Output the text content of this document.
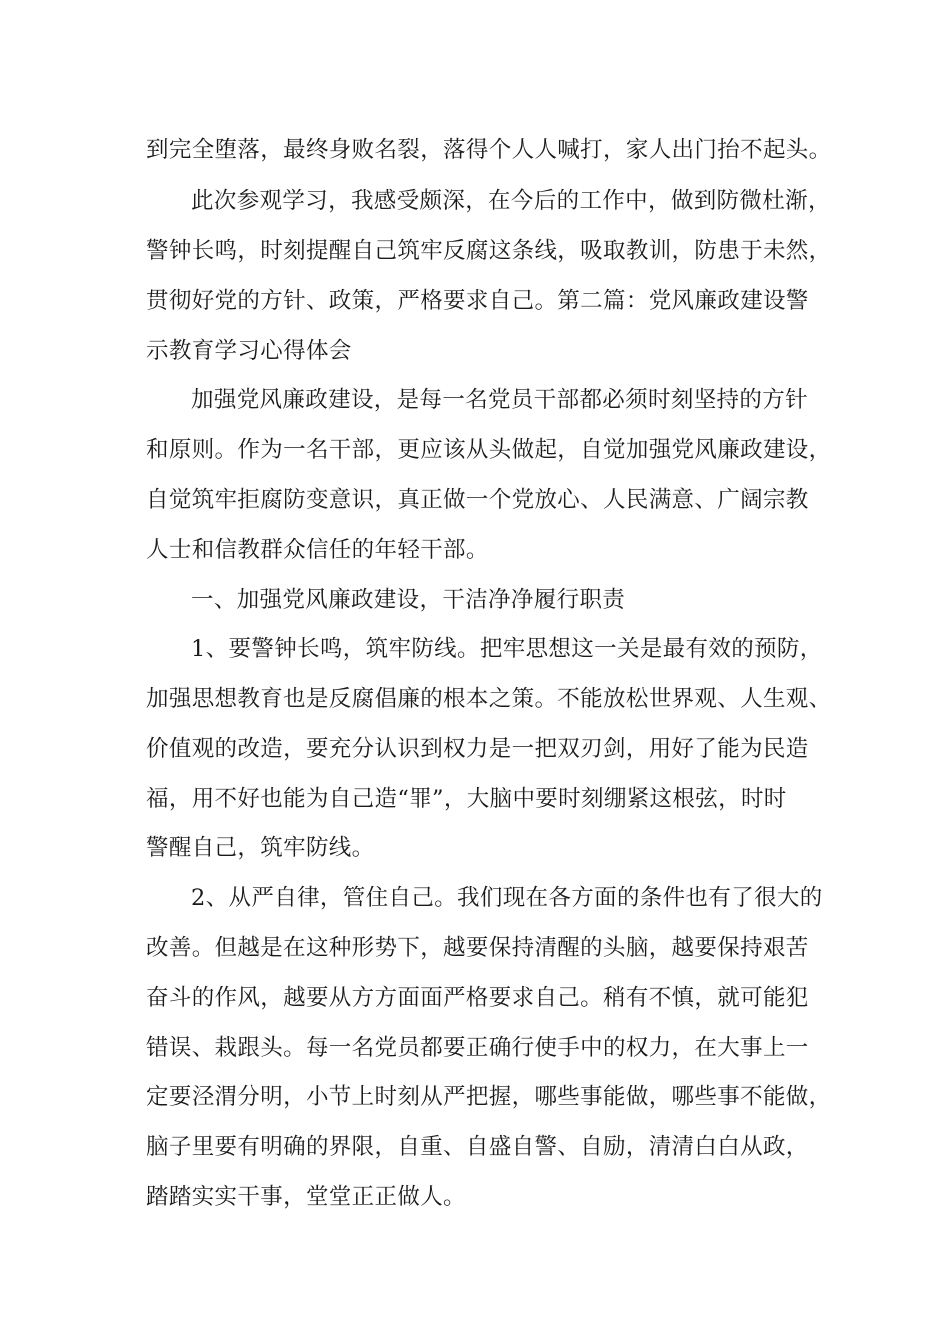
到完全堕落，最终身败名裂，落得个人人喊打，家人出门抬不起头。
此次参观学习，我感受颇深，在今后的工作中，做到防微杜渐，
警钟长鸣，时刻提醒自己筑牢反腐这条线，吸取教训，防患于未然，
贯彻好党的方针、政策，严格要求自己。第二篇：党风廉政建设警
示教育学习心得体会
加强党风廉政建设，是每一名党员干部都必须时刻坚持的方针
和原则。作为一名干部，更应该从头做起，自觉加强党风廉政建设，
自觉筑牢拒腐防变意识，真正做一个党放心、人民满意、广阔宗教
人士和信教群众信任的年轻干部。
一、加强党风廉政建设，干洁净净履行职责
1、要警钟长鸣，筑牢防线。把牢思想这一关是最有效的预防，
加强思想教育也是反腐倡廉的根本之策。不能放松世界观、人生观、
价值观的改造，要充分认识到权力是一把双刃剑，用好了能为民造
福，用不好也能为自己造“罪”，大脑中要时刻绷紧这根弦，时时
警醒自己，筑牢防线。
2、从严自律，管住自己。我们现在各方面的条件也有了很大的
改善。但越是在这种形势下，越要保持清醒的头脑，越要保持艰苦
奋斗的作风，越要从方方面面严格要求自己。稍有不慎，就可能犯
错误、栽跟头。每一名党员都要正确行使手中的权力，在大事上一
定要泾渭分明，小节上时刻从严把握，哪些事能做，哪些事不能做，
脑子里要有明确的界限，自重、自盛自警、自励，清清白白从政，
踏踏实实干事，堂堂正正做人。
